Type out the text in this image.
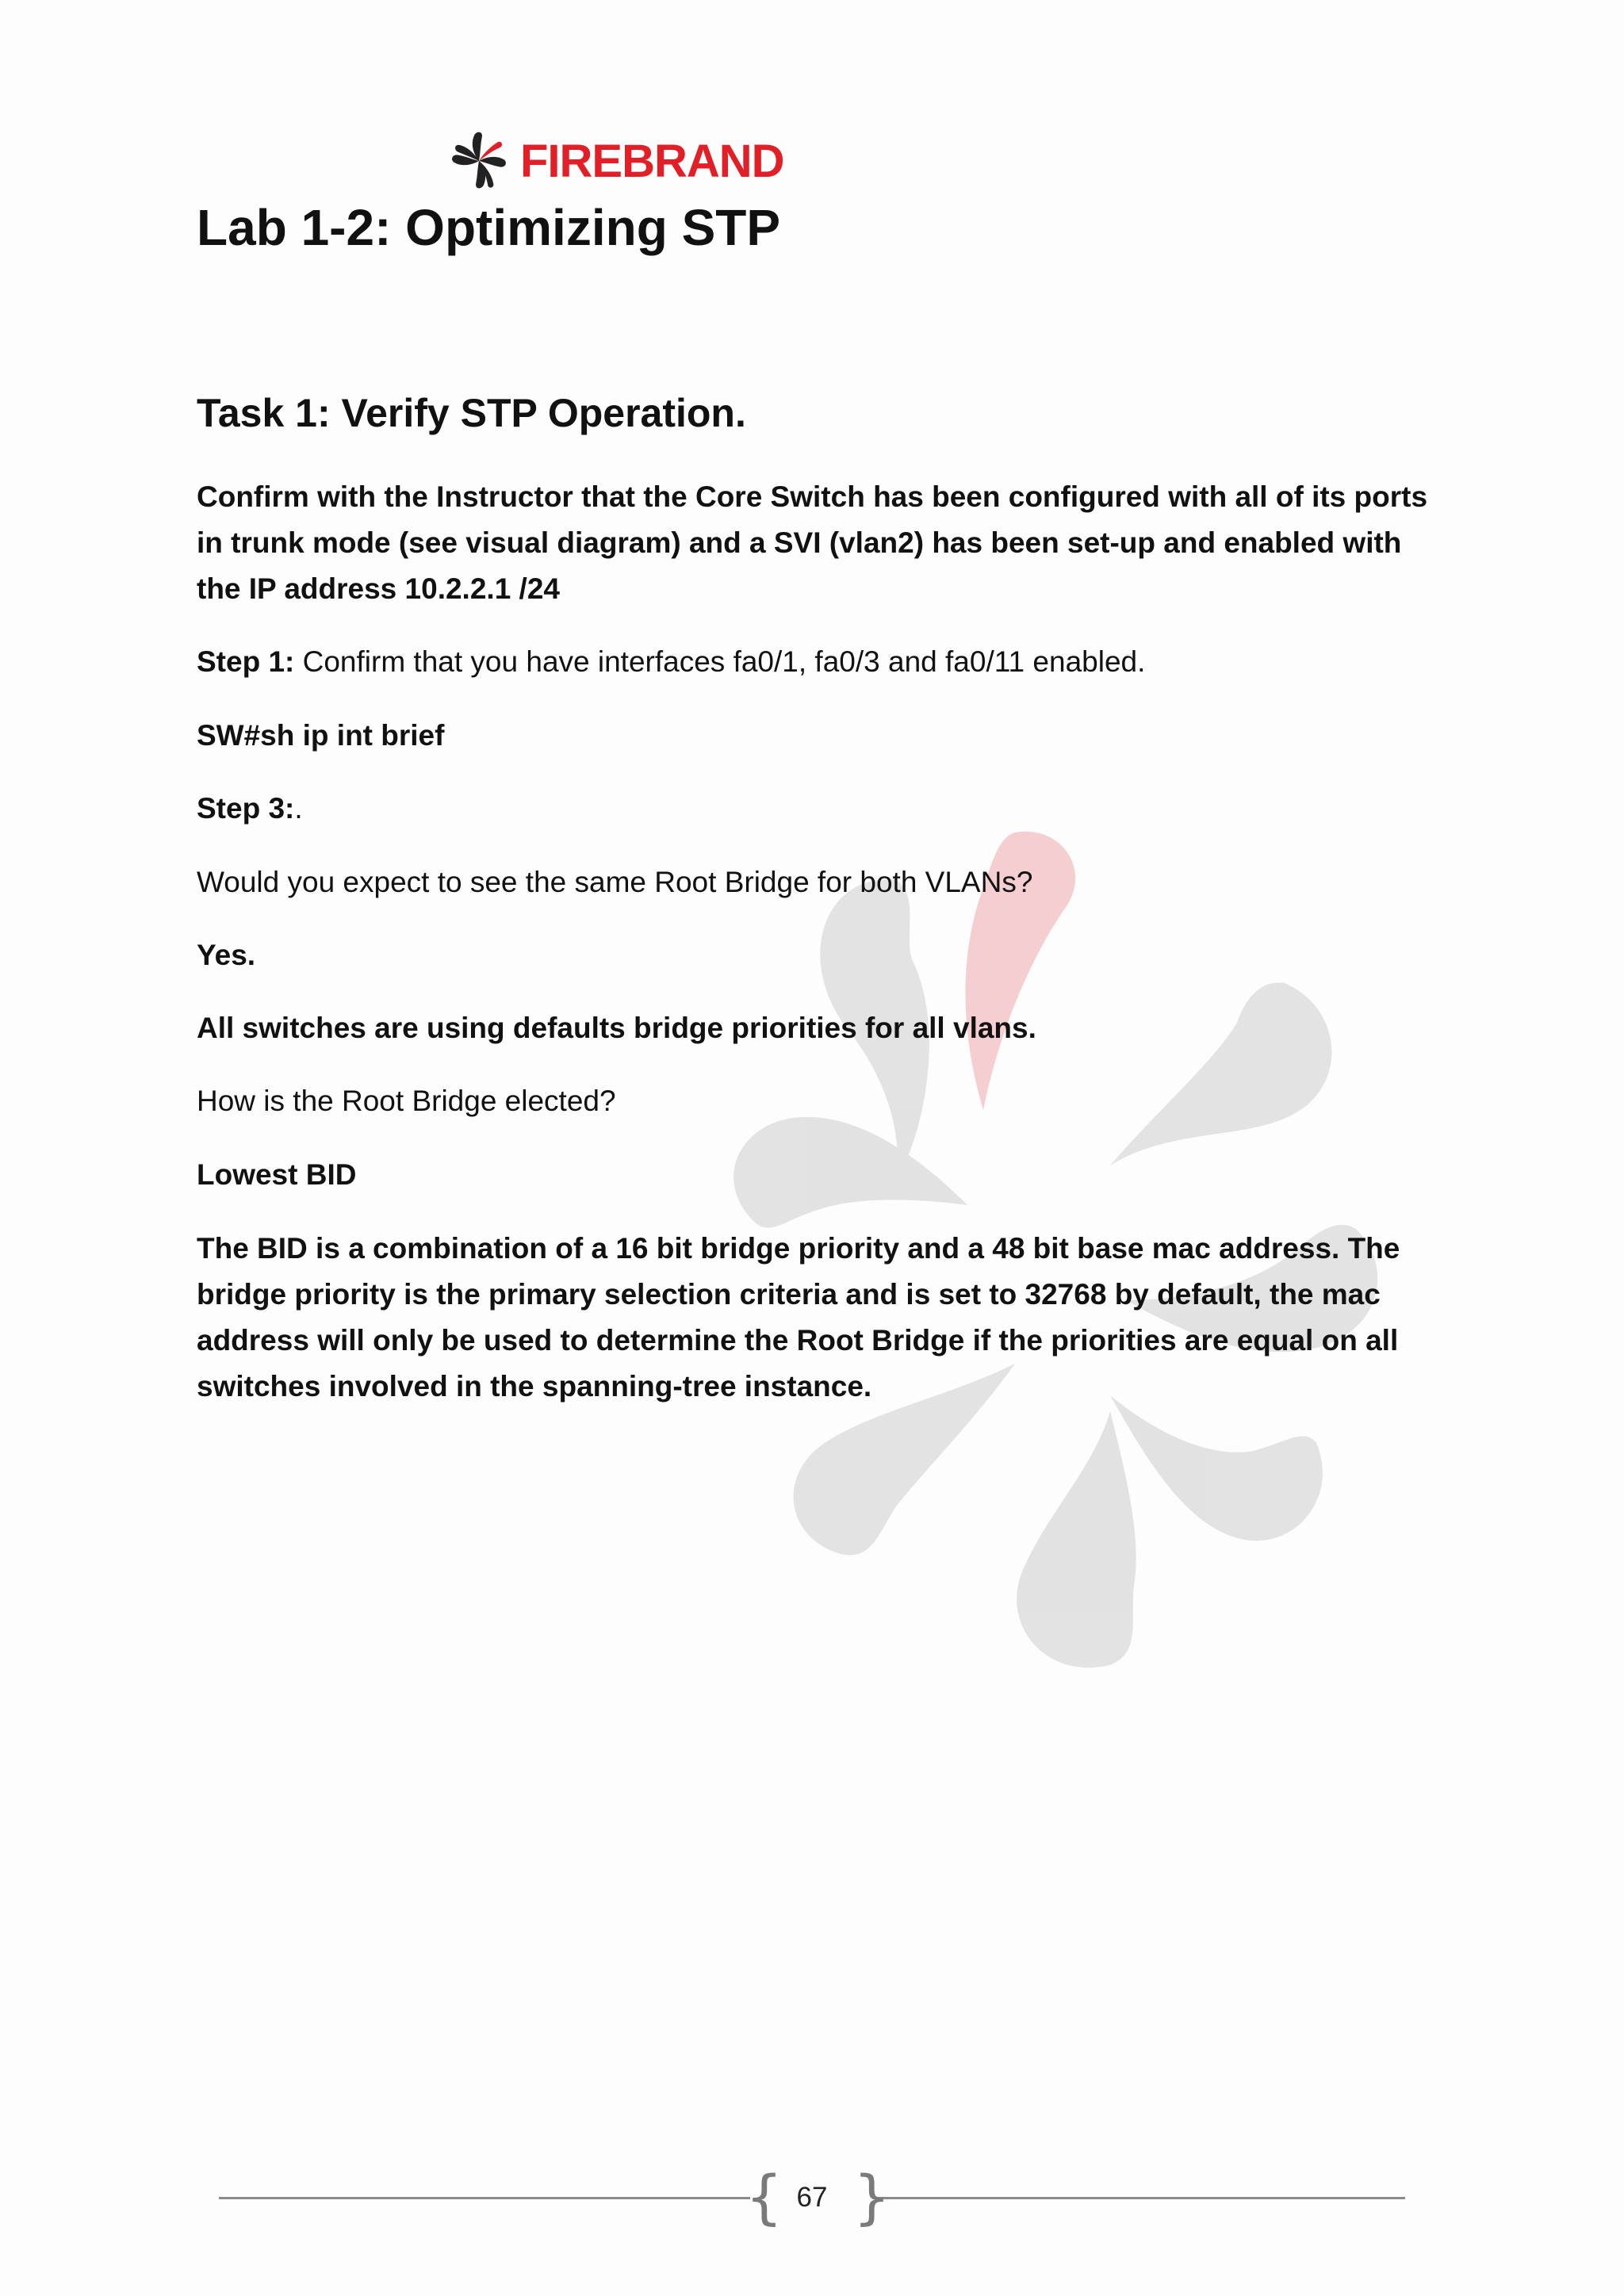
FIREBRAND
Lab 1-2: Optimizing STP
Task 1: Verify STP Operation.

Confirm with the Instructor that the Core Switch has been configured with all of its ports in trunk mode (see visual diagram) and a SVI (vlan2) has been set-up and enabled with the IP address 10.2.2.1 /24

Step 1: Confirm that you have interfaces fa0/1, fa0/3 and fa0/11 enabled.

SW#sh ip int brief

Step 3:.

Would you expect to see the same Root Bridge for both VLANs?

Yes.

All switches are using defaults bridge priorities for all vlans.

How is the Root Bridge elected?

Lowest BID

The BID is a combination of a 16 bit bridge priority and a 48 bit base mac address. The bridge priority is the primary selection criteria and is set to 32768 by default, the mac address will only be used to determine the Root Bridge if the priorities are equal on all switches involved in the spanning-tree instance.

{ }
67
